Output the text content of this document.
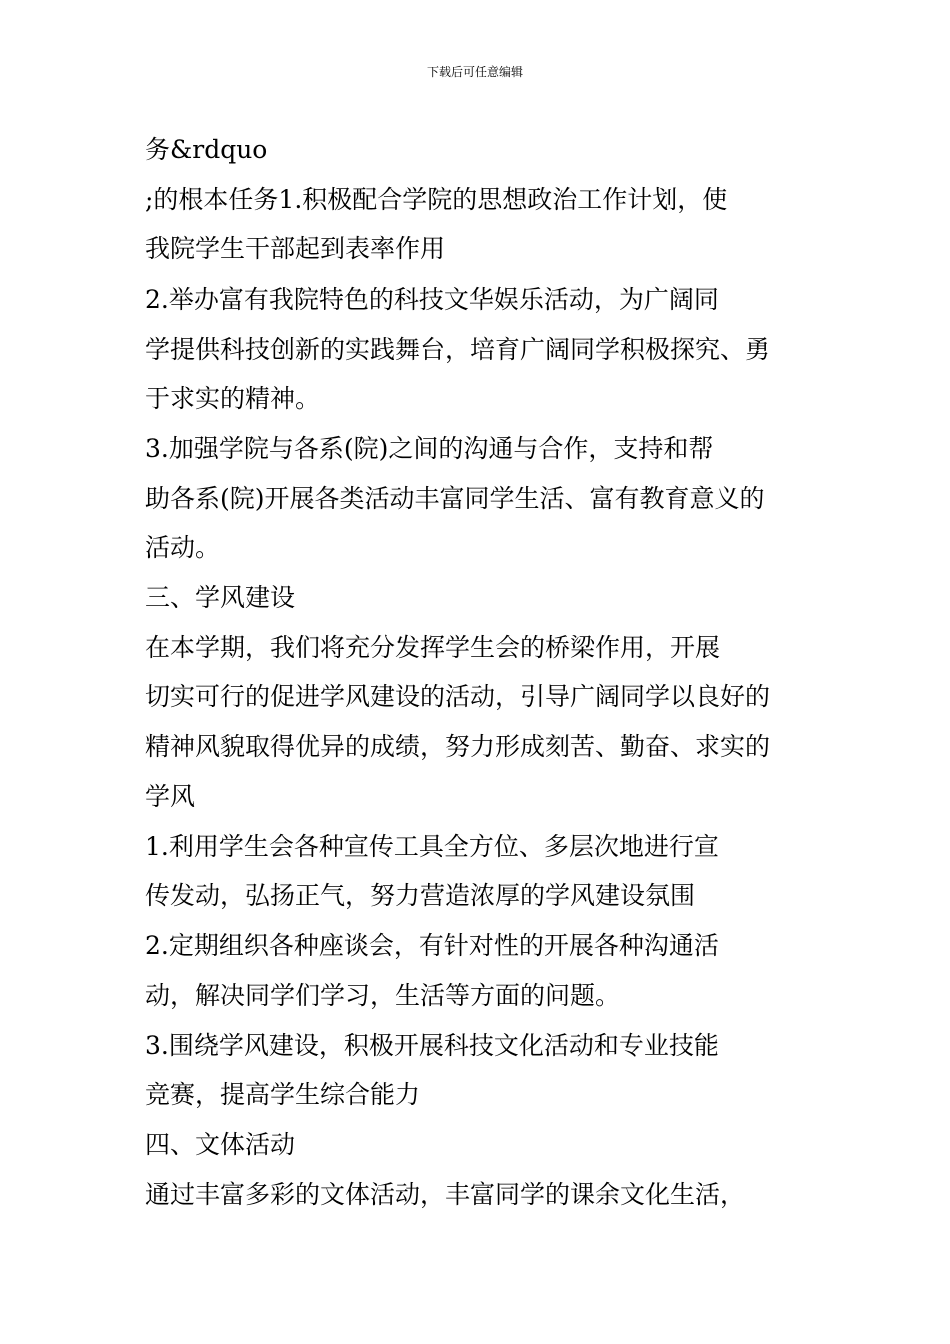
下载后可任意编辑
务&rdquo
;的根本任务1.积极配合学院的思想政治工作计划，使
我院学生干部起到表率作用
2.举办富有我院特色的科技文华娱乐活动，为广阔同
学提供科技创新的实践舞台，培育广阔同学积极探究、勇
于求实的精神。
3.加强学院与各系(院)之间的沟通与合作，支持和帮
助各系(院)开展各类活动丰富同学生活、富有教育意义的
活动。
三、学风建设
在本学期，我们将充分发挥学生会的桥梁作用，开展
切实可行的促进学风建设的活动，引导广阔同学以良好的
精神风貌取得优异的成绩，努力形成刻苦、勤奋、求实的
学风
1.利用学生会各种宣传工具全方位、多层次地进行宣
传发动，弘扬正气，努力营造浓厚的学风建设氛围
2.定期组织各种座谈会，有针对性的开展各种沟通活
动，解决同学们学习，生活等方面的问题。
3.围绕学风建设，积极开展科技文化活动和专业技能
竞赛，提高学生综合能力
四、文体活动
通过丰富多彩的文体活动，丰富同学的课余文化生活，
